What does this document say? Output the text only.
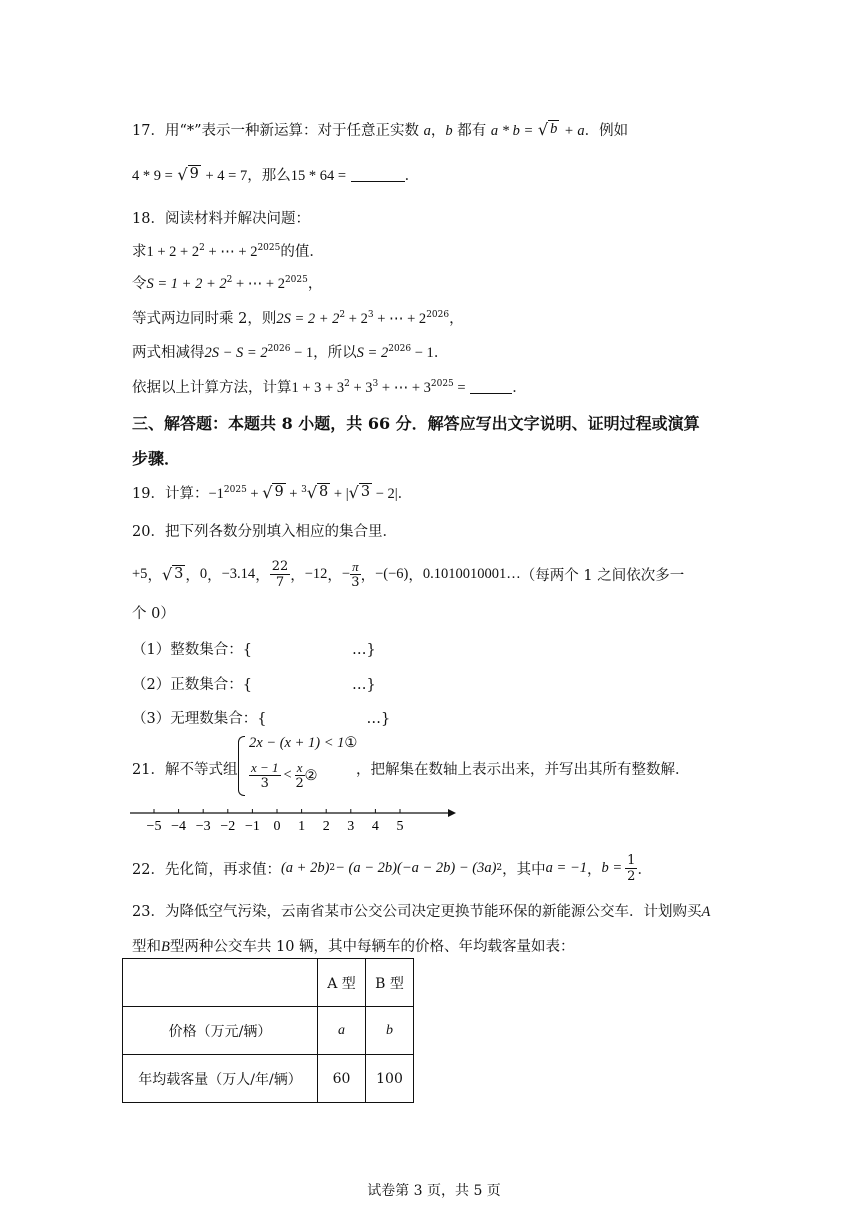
17．用“*”表示一种新运算：对于任意正实数 a，b 都有 a * b = √ b + a．例如
4 * 9 = √ 9 + 4 = 7，那么15 * 64 =	．
18．阅读材料并解决问题：
求$1 + 2 + 2^2$ + ⋯ + $2^{2025}$的值．
令$S = 1 + 2 + 2^2$ + ⋯ + $2^{2025}$，
等式两边同时乘 2，则$2S = 2 + 2^2 + 2^3$ + ⋯ + $2^{2026}$，
两式相减得$2S - S = 2^{2026} - 1$，所以$S = 2^{2026} - 1$．
依据以上计算方法，计算$1 + 3 + 3^2 + 3^3$ + ⋯ + $3^{2025}$ =	．
三、解答题：本题共 8 小题，共 66 分．解答应写出文字说明、证明过程或演算
步骤．
19．计算：$-1^{2025}$ + √ 9 + $^3$ √ 8 + | √ 3 − 2|．
20．把下列各数分别填入相应的集合里．
+5 ， √ 3 ， 0 ， −3.14 ， $\frac{22}{7}$ ， −12 ， − $\frac{\pi}{3}$ ， −(−6) ， 0.1010010001… （每两个 1 之间依次多一
个 0）
（1）整数集合：{	…}
（2）正数集合：{	…}
（3）无理数集合：{	…}
21．解不等式组
2x − (x + 1) < 1①
$\frac{x - 1}{3} < \frac{x}{2}$ ②	，把解集在数轴上表示出来，并写出其所有整数解．
−5 −4 −3 −2 −1 0 1 2 3 4 5
22． 先化简，再求值： (a + 2b) 2 − (a − 2b)(−a − 2b) − (3a) 2 ，其中 a = −1 ， $b = \frac{1}{2}$ ．
23．为降低空气污染，云南省某市公交公司决定更换节能环保的新能源公交车．计划购买A
型和B型两种公交车共 10 辆，其中每辆车的价格、年均载客量如表：
	A 型	B 型
价格（万元/辆）	a	b
年均载客量（万人/年/辆）	60	100
试卷第 3 页，共 5 页
